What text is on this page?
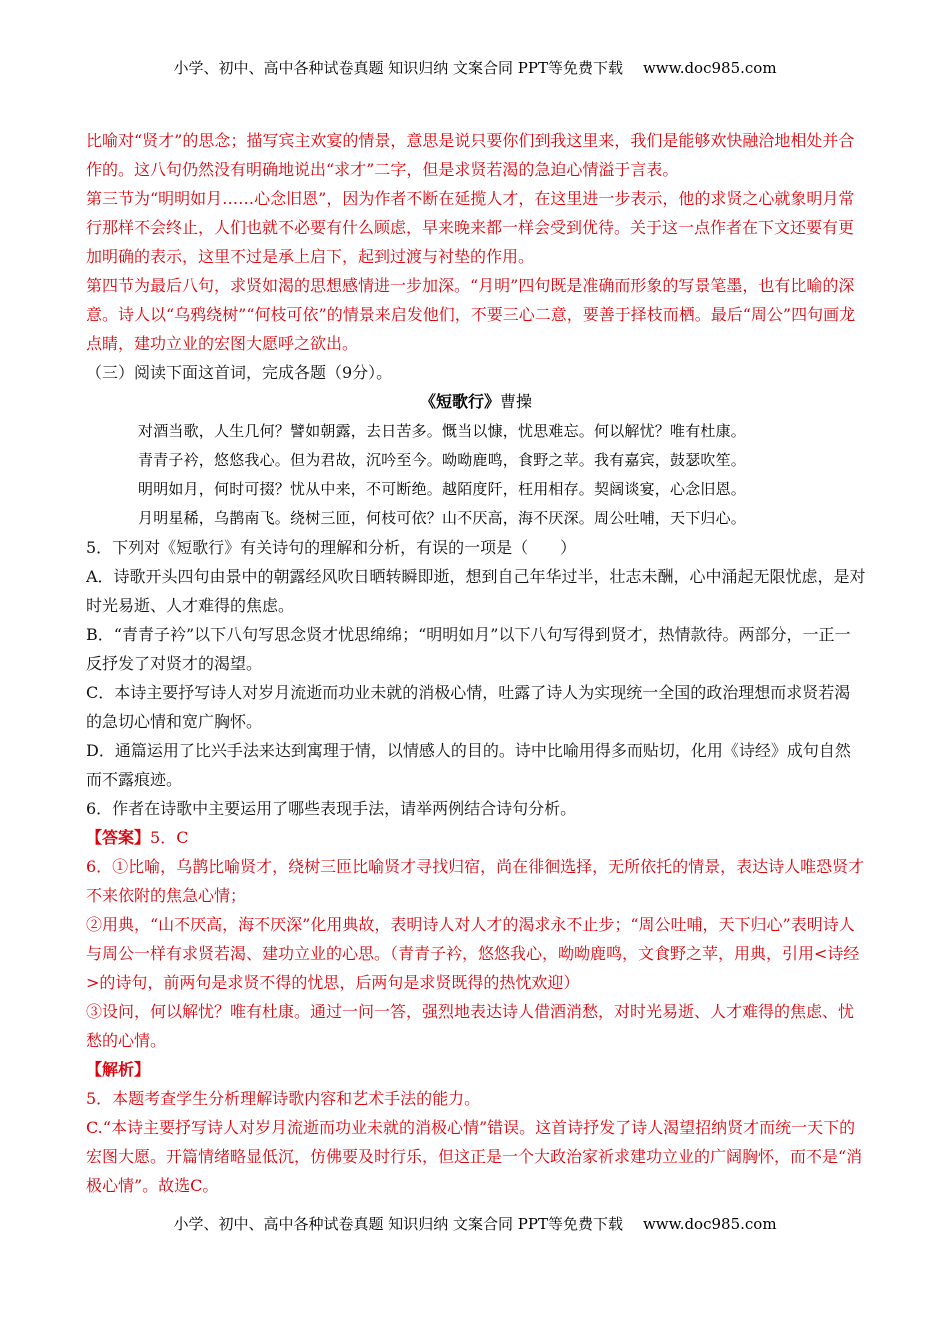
小学、初中、高中各种试卷真题 知识归纳 文案合同 PPT等免费下载 www.doc985.com

比喻对“贤才”的思念；描写宾主欢宴的情景，意思是说只要你们到我这里来，我们是能够欢快融洽地相处并合作的。这八句仍然没有明确地说出“求才”二字，但是求贤若渴的急迫心情溢于言表。

第三节为“明明如月……心念旧恩”，因为作者不断在延揽人才，在这里进一步表示，他的求贤之心就象明月常行那样不会终止，人们也就不必要有什么顾虑，早来晚来都一样会受到优待。关于这一点作者在下文还要有更加明确的表示，这里不过是承上启下，起到过渡与衬垫的作用。

第四节为最后八句，求贤如渴的思想感情进一步加深。“月明”四句既是准确而形象的写景笔墨，也有比喻的深意。诗人以“乌鸦绕树”“何枝可依”的情景来启发他们，不要三心二意，要善于择枝而栖。最后“周公”四句画龙点睛，建功立业的宏图大愿呼之欲出。

（三）阅读下面这首词，完成各题（9分）。

《短歌行》曹操

对酒当歌，人生几何？譬如朝露，去日苦多。慨当以慷，忧思难忘。何以解忧？唯有杜康。

青青子衿，悠悠我心。但为君故，沉吟至今。呦呦鹿鸣，食野之苹。我有嘉宾，鼓瑟吹笙。

明明如月，何时可掇？忧从中来，不可断绝。越陌度阡，枉用相存。契阔谈宴，心念旧恩。

月明星稀，乌鹊南飞。绕树三匝，何枝可依？山不厌高，海不厌深。周公吐哺，天下归心。

5．下列对《短歌行》有关诗句的理解和分析，有误的一项是（　　）

A．诗歌开头四句由景中的朝露经风吹日晒转瞬即逝，想到自己年华过半，壮志未酬，心中涌起无限忧虑，是对时光易逝、人才难得的焦虑。

B．“青青子衿”以下八句写思念贤才忧思绵绵；“明明如月”以下八句写得到贤才，热情款待。两部分，一正一反抒发了对贤才的渴望。

C．本诗主要抒写诗人对岁月流逝而功业未就的消极心情，吐露了诗人为实现统一全国的政治理想而求贤若渴的急切心情和宽广胸怀。

D．通篇运用了比兴手法来达到寓理于情，以情感人的目的。诗中比喻用得多而贴切，化用《诗经》成句自然而不露痕迹。

6．作者在诗歌中主要运用了哪些表现手法，请举两例结合诗句分析。

【答案】5．C

6．①比喻，乌鹊比喻贤才，绕树三匝比喻贤才寻找归宿，尚在徘徊选择，无所依托的情景，表达诗人唯恐贤才不来依附的焦急心情；

②用典，“山不厌高，海不厌深”化用典故，表明诗人对人才的渴求永不止步；“周公吐哺，天下归心”表明诗人与周公一样有求贤若渴、建功立业的心思。（青青子衿，悠悠我心，呦呦鹿鸣，文食野之苹，用典，引用<诗经>的诗句，前两句是求贤不得的忧思，后两句是求贤既得的热忱欢迎）

③设问，何以解忧？唯有杜康。通过一问一答，强烈地表达诗人借酒消愁，对时光易逝、人才难得的焦虑、忧愁的心情。

【解析】

5．本题考查学生分析理解诗歌内容和艺术手法的能力。

C.“本诗主要抒写诗人对岁月流逝而功业未就的消极心情”错误。这首诗抒发了诗人渴望招纳贤才而统一天下的宏图大愿。开篇情绪略显低沉，仿佛要及时行乐，但这正是一个大政治家祈求建功立业的广阔胸怀，而不是“消极心情”。故选C。

小学、初中、高中各种试卷真题 知识归纳 文案合同 PPT等免费下载 www.doc985.com
